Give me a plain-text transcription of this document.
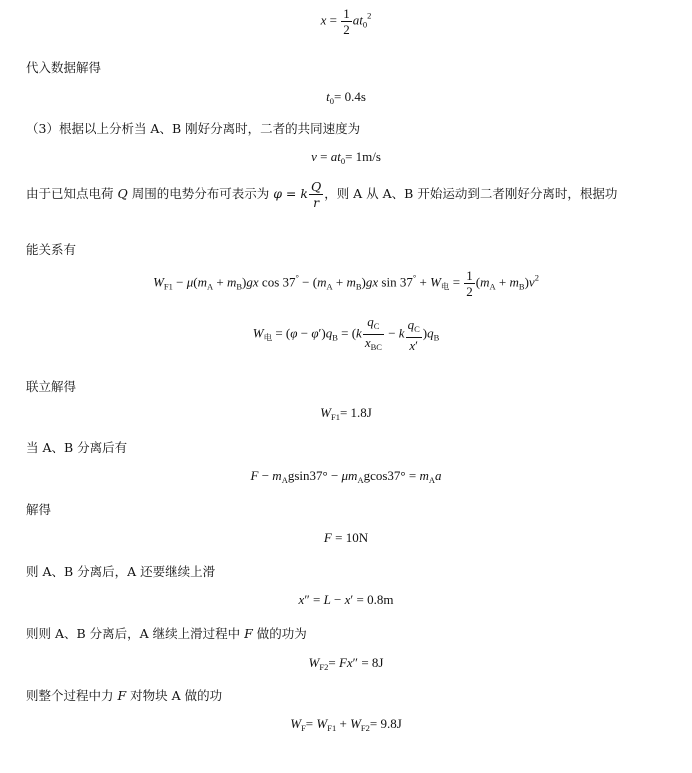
$x = \frac{1}{2} at_0^2$
代入数据解得
$t_0= 0.4s$
（3）根据以上分析当 A、B 刚好分离时，二者的共同速度为
$v = at_0= 1m/s$
由于已知点电荷 Q 周围的电势分布可表示为 φ = k $\frac{Q}{r}$ ，则 A 从 A、B 开始运动到二者刚好分离时，根据功
能关系有
$W_{F1} - \mu(m_A + m_B)gx$ $\cos 37^\circ - (m_A + m_B)gx$ $\sin 37^\circ + W_电 = \frac{1}{2} (m_A + m_B)v^2$
$W_电 = (\varphi - \varphi')q_B = (k \frac{q_C}{x_{BC}} - k \frac{q_C}{x'} )q_B$
联立解得
$W_{F1}= 1.8J$
当 A、B 分离后有
$F - m_Agsin37^\circ - \mu m_Agcos37^\circ = m_Aa$
解得
F = 10N
则 A、B 分离后，A 还要继续上滑
x″ = L − x′ = 0.8m
则则 A、B 分离后，A 继续上滑过程中 F 做的功为
$W_{F2}= Fx'' = 8J$
则整个过程中力 F 对物块 A 做的功
$W_F= W_{F1} + W_{F2}= 9.8J$
